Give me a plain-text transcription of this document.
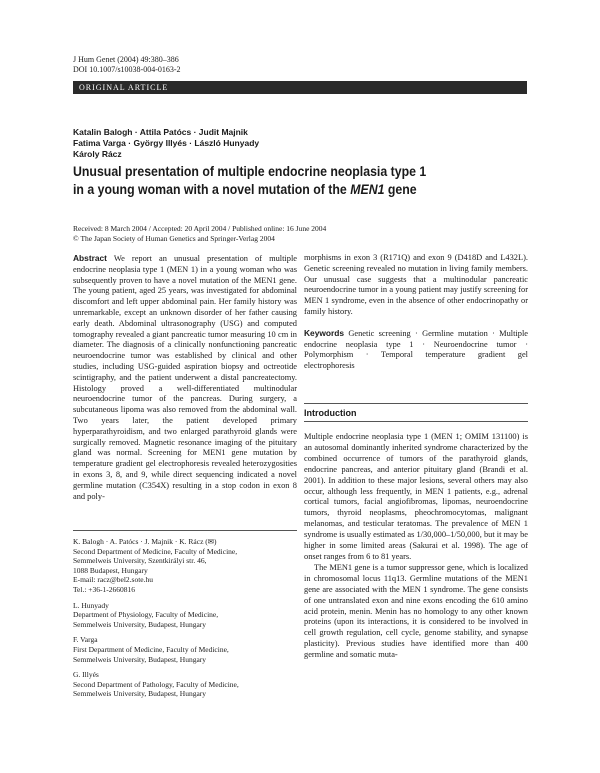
J Hum Genet (2004) 49:380–386
DOI 10.1007/s10038-004-0163-2
ORIGINAL ARTICLE
Katalin Balogh · Attila Patócs · Judit Majnik
Fatima Varga · György Illyés · László Hunyady
Károly Rácz
Unusual presentation of multiple endocrine neoplasia type 1
in a young woman with a novel mutation of the MEN1 gene
Received: 8 March 2004 / Accepted: 20 April 2004 / Published online: 16 June 2004
© The Japan Society of Human Genetics and Springer-Verlag 2004
Abstract We report an unusual presentation of multiple endocrine neoplasia type 1 (MEN 1) in a young woman who was subsequently proven to have a novel mutation of the MEN1 gene. The young patient, aged 25 years, was investigated for abdominal discomfort and left upper abdominal pain. Her family history was unremarkable, except an unknown disorder of her father causing early death. Abdominal ultrasonography (USG) and computed tomography revealed a giant pancreatic tumor measuring 10 cm in diameter. The diagnosis of a clinically nonfunctioning pancreatic neuroendocrine tumor was established by clinical and other studies, including USG-guided aspiration biopsy and octreotide scintigraphy, and the patient underwent a distal pancreatectomy. Histology proved a well-differentiated multinodular neuroendocrine tumor of the pancreas. During surgery, a subcutaneous lipoma was also removed from the abdominal wall. Two years later, the patient developed primary hyperparathyroidism, and two enlarged parathyroid glands were surgically removed. Magnetic resonance imaging of the pituitary gland was normal. Screening for MEN1 gene mutation by temperature gradient gel electrophoresis revealed heterozygosities in exons 3, 8, and 9, while direct sequencing indicated a novel germline mutation (C354X) resulting in a stop codon in exon 8 and poly-
morphisms in exon 3 (R171Q) and exon 9 (D418D and L432L). Genetic screening revealed no mutation in living family members. Our unusual case suggests that a multinodular pancreatic neuroendocrine tumor in a young patient may justify screening for MEN 1 syndrome, even in the absence of other endocrinopathy or family history.
Keywords Genetic screening · Germline mutation · Multiple endocrine neoplasia type 1 · Neuroendocrine tumor · Polymorphism · Temporal temperature gradient gel electrophoresis
K. Balogh · A. Patócs · J. Majnik · K. Rácz (✉)
Second Department of Medicine, Faculty of Medicine,
Semmelweis University, Szentkirályi str. 46,
1088 Budapest, Hungary
E-mail: racz@bel2.sote.hu
Tel.: +36-1-2660816
L. Hunyady
Department of Physiology, Faculty of Medicine,
Semmelweis University, Budapest, Hungary
F. Varga
First Department of Medicine, Faculty of Medicine,
Semmelweis University, Budapest, Hungary
G. Illyés
Second Department of Pathology, Faculty of Medicine,
Semmelweis University, Budapest, Hungary
Introduction
Multiple endocrine neoplasia type 1 (MEN 1; OMIM 131100) is an autosomal dominantly inherited syndrome characterized by the combined occurrence of tumors of the parathyroid glands, endocrine pancreas, and anterior pituitary gland (Brandi et al. 2001). In addition to these major lesions, several others may also occur, although less frequently, in MEN 1 patients, e.g., adrenal cortical tumors, facial angiofibromas, lipomas, neuroendocrine tumors, thyroid neoplasms, pheochromocytomas, malignant melanomas, and testicular teratomas. The prevalence of MEN 1 syndrome is usually estimated as 1/30,000–1/50,000, but it may be higher in some limited areas (Sakurai et al. 1998). The age of onset ranges from 6 to 81 years.
The MEN1 gene is a tumor suppressor gene, which is localized in chromosomal locus 11q13. Germline mutations of the MEN1 gene are associated with the MEN 1 syndrome. The gene consists of one untranslated exon and nine exons encoding the 610 amino acid protein, menin. Menin has no homology to any other known proteins (upon its interactions, it is considered to be involved in cell growth regulation, cell cycle, genome stability, and synapse plasticity). Previous studies have identified more than 400 germline and somatic muta-
